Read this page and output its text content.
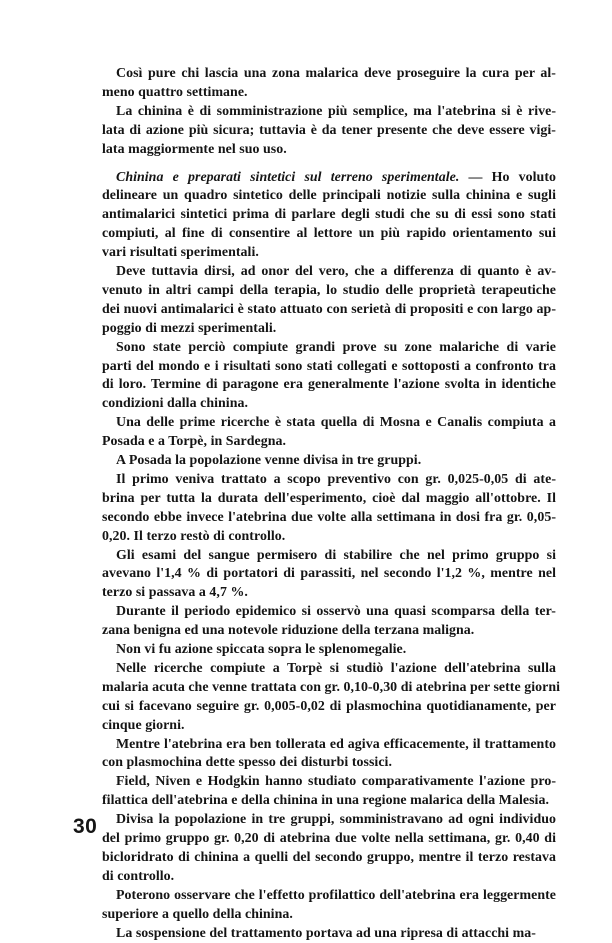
Così pure chi lascia una zona malarica deve proseguire la cura per al-
meno quattro settimane.
La chinina è di somministrazione più semplice, ma l'atebrina si è rive-
lata di azione più sicura; tuttavia è da tener presente che deve essere vigi-
lata maggiormente nel suo uso.
Chinina e preparati sintetici sul terreno sperimentale. — Ho voluto
delineare un quadro sintetico delle principali notizie sulla chinina e sugli
antimalarici sintetici prima di parlare degli studi che su di essi sono stati
compiuti, al fine di consentire al lettore un più rapido orientamento sui
vari risultati sperimentali.
Deve tuttavia dirsi, ad onor del vero, che a differenza di quanto è av-
venuto in altri campi della terapia, lo studio delle proprietà terapeutiche
dei nuovi antimalarici è stato attuato con serietà di propositi e con largo ap-
poggio di mezzi sperimentali.
Sono state perciò compiute grandi prove su zone malariche di varie
parti del mondo e i risultati sono stati collegati e sottoposti a confronto tra
di loro. Termine di paragone era generalmente l'azione svolta in identiche
condizioni dalla chinina.
Una delle prime ricerche è stata quella di Mosna e Canalis compiuta a
Posada e a Torpè, in Sardegna.
A Posada la popolazione venne divisa in tre gruppi.
Il primo veniva trattato a scopo preventivo con gr. 0,025-0,05 di ate-
brina per tutta la durata dell'esperimento, cioè dal maggio all'ottobre. Il
secondo ebbe invece l'atebrina due volte alla settimana in dosi fra gr. 0,05-
0,20. Il terzo restò di controllo.
Gli esami del sangue permisero di stabilire che nel primo gruppo si
avevano l'1,4 % di portatori di parassiti, nel secondo l'1,2 %, mentre nel
terzo si passava a 4,7 %.
Durante il periodo epidemico si osservò una quasi scomparsa della ter-
zana benigna ed una notevole riduzione della terzana maligna.
Non vi fu azione spiccata sopra le splenomegalie.
Nelle ricerche compiute a Torpè si studiò l'azione dell'atebrina sulla
malaria acuta che venne trattata con gr. 0,10-0,30 di atebrina per sette giorni
cui si facevano seguire gr. 0,005-0,02 di plasmochina quotidianamente, per
cinque giorni.
Mentre l'atebrina era ben tollerata ed agiva efficacemente, il trattamento
con plasmochina dette spesso dei disturbi tossici.
Field, Niven e Hodgkin hanno studiato comparativamente l'azione pro-
filattica dell'atebrina e della chinina in una regione malarica della Malesia.
Divisa la popolazione in tre gruppi, somministravano ad ogni individuo
del primo gruppo gr. 0,20 di atebrina due volte nella settimana, gr. 0,40 di
bicloridrato di chinina a quelli del secondo gruppo, mentre il terzo restava
di controllo.
Poterono osservare che l'effetto profilattico dell'atebrina era leggermente
superiore a quello della chinina.
La sospensione del trattamento portava ad una ripresa di attacchi ma-
30
